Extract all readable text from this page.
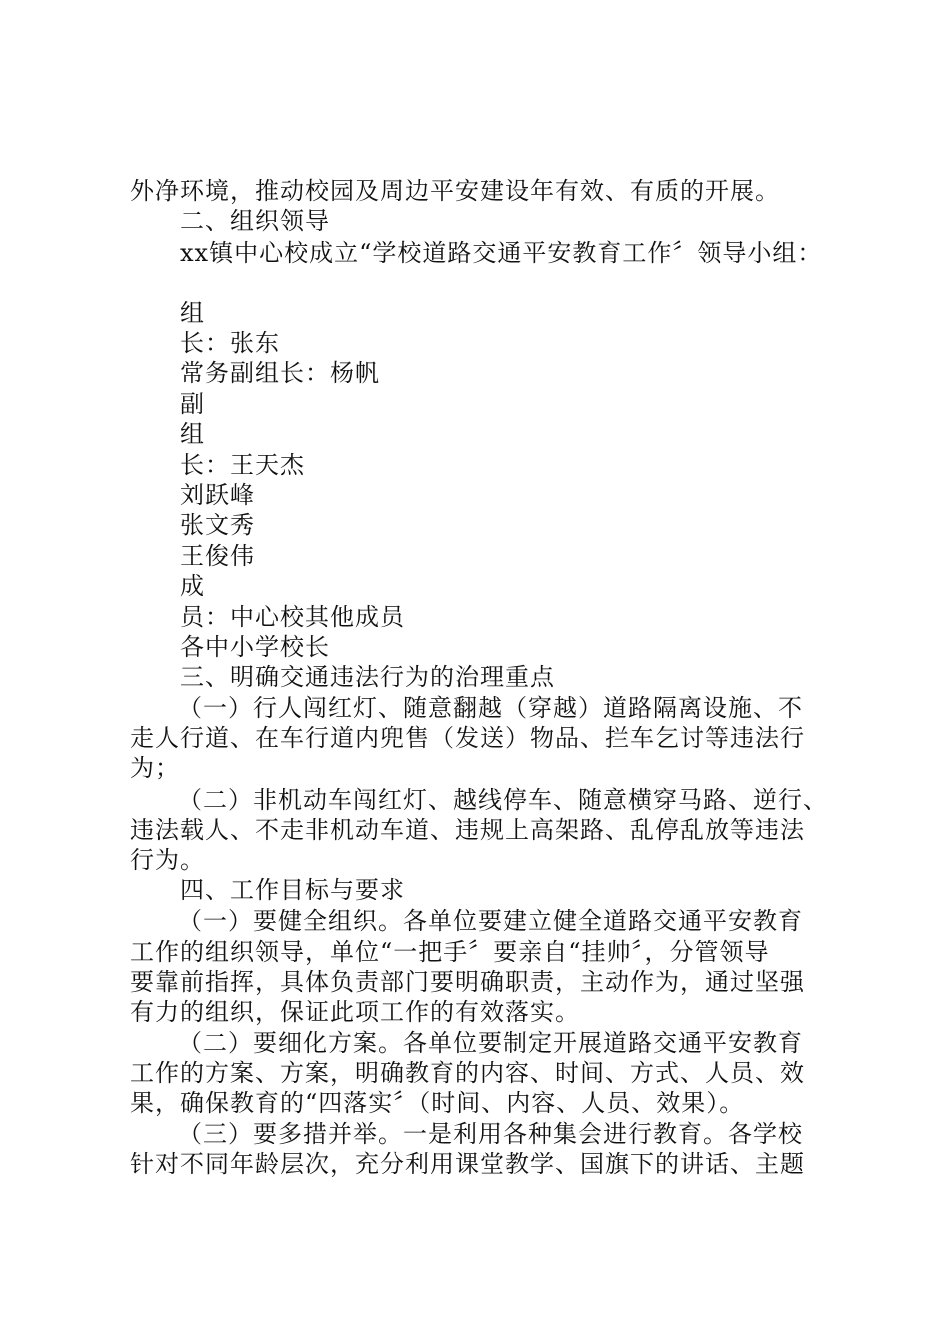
外净环境，推动校园及周边平安建设年有效、有质的开展。

二、组织领导

xx镇中心校成立“学校道路交通平安教育工作〞领导小组：

组

长：张东

常务副组长：杨帆

副

组

长：王天杰

刘跃峰

张文秀

王俊伟

成

员：中心校其他成员

各中小学校长

三、明确交通违法行为的治理重点

（一）行人闯红灯、随意翻越（穿越）道路隔离设施、不

走人行道、在车行道内兜售（发送）物品、拦车乞讨等违法行

为；

（二）非机动车闯红灯、越线停车、随意横穿马路、逆行、

违法载人、不走非机动车道、违规上高架路、乱停乱放等违法

行为。

四、工作目标与要求

（一）要健全组织。各单位要建立健全道路交通平安教育

工作的组织领导，单位“一把手〞要亲自“挂帅〞，分管领导

要靠前指挥，具体负责部门要明确职责，主动作为，通过坚强

有力的组织，保证此项工作的有效落实。

（二）要细化方案。各单位要制定开展道路交通平安教育

工作的方案、方案，明确教育的内容、时间、方式、人员、效

果，确保教育的“四落实〞（时间、内容、人员、效果）。

（三）要多措并举。一是利用各种集会进行教育。各学校

针对不同年龄层次，充分利用课堂教学、国旗下的讲话、主题
